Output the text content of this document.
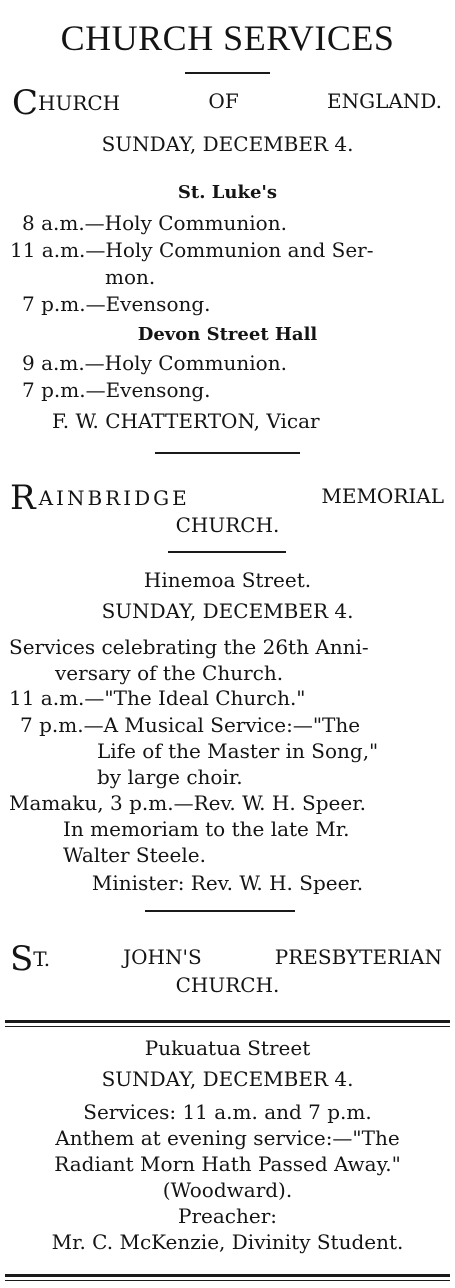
CHURCH SERVICES
CHURCH	OF	ENGLAND.
SUNDAY, DECEMBER 4.
St. Luke's
8 a.m.—Holy Communion.
11 a.m.—Holy Communion and Ser-
mon.
7 p.m.—Evensong.
Devon Street Hall
9 a.m.—Holy Communion.
7 p.m.—Evensong.
F. W. CHATTERTON, Vicar
RAINBRIDGE	MEMORIAL
CHURCH.
Hinemoa Street.
SUNDAY, DECEMBER 4.
Services celebrating the 26th Anni-
versary of the Church.
11 a.m.—"The Ideal Church."
7 p.m.—A Musical Service:—"The
Life of the Master in Song,"
by large choir.
Mamaku, 3 p.m.—Rev. W. H. Speer.
In memoriam to the late Mr.
Walter Steele.
Minister: Rev. W. H. Speer.
ST.	JOHN'S	PRESBYTERIAN
CHURCH.
Pukuatua Street
SUNDAY, DECEMBER 4.
Services: 11 a.m. and 7 p.m.
Anthem at evening service:—"The
Radiant Morn Hath Passed Away."
(Woodward).
Preacher:
Mr. C. McKenzie, Divinity Student.
